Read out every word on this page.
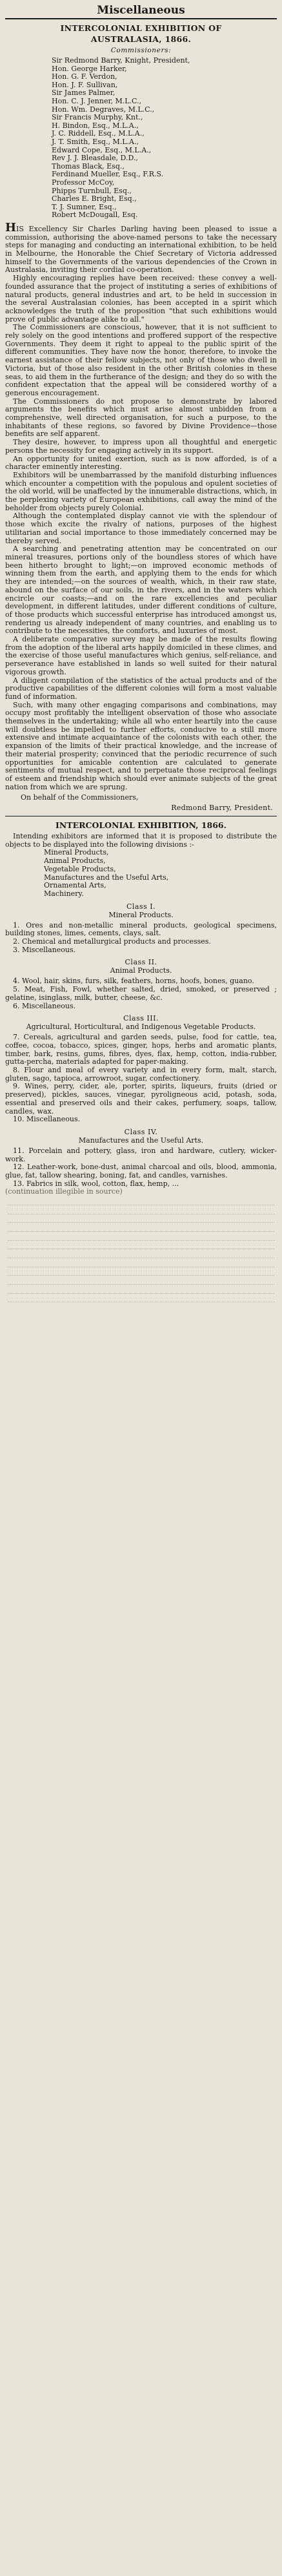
Miscellaneous
INTERCOLONIAL EXHIBITION OF
AUSTRALASIA, 1866.
Commissioners:
Sir Redmond Barry, Knight, President,
Hon. George Harker,
Hon. G. F. Verdon,
Hon. J. F. Sullivan,
Sir James Palmer,
Hon. C. J. Jenner, M.L.C.,
Hon. Wm. Degraves, M.L.C.,
Sir Francis Murphy, Knt.,
H. Bindon, Esq., M.L.A.,
J. C. Riddell, Esq., M.L.A.,
J. T. Smith, Esq., M.L.A.,
Edward Cope, Esq., M.L.A.,
Rev J. J. Bleasdale, D.D.,
Thomas Black, Esq.,
Ferdinand Mueller, Esq., F.R.S.
Professor McCoy,
Phipps Turnbull, Esq.,
Charles E. Bright, Esq.,
T. J. Sumner, Esq.,
Robert McDougall, Esq.

HIS Excellency Sir Charles Darling having been pleased to issue a commission, authorising the above-named persons to take the necessary steps for managing and conducting an international exhibition, to be held in Melbourne, the Honorable the Chief Secretary of Victoria addressed himself to the Governments of the various dependencies of the Crown in Australasia, inviting their cordial co-operation.

Highly encouraging replies have been received: these convey a well-founded assurance that the project of instituting a series of exhibitions of natural products, general industries and art, to be held in succession in the several Australasian colonies, has been accepted in a spirit which acknowledges the truth of the proposition "that such exhibitions would prove of public advantage alike to all."

The Commissioners are conscious, however, that it is not sufficient to rely solely on the good intentions and proffered support of the respective Governments. They deem it right to appeal to the public spirit of the different communities. They have now the honor, therefore, to invoke the earnest assistance of their fellow subjects, not only of those who dwell in Victoria, but of those also resident in the other British colonies in these seas, to aid them in the furtherance of the design; and they do so with the confident expectation that the appeal will be considered worthy of a generous encouragement.

The Commissioners do not propose to demonstrate by labored arguments the benefits which must arise almost unbidden from a comprehensive, well directed organisation, for such a purpose, to the inhabitants of these regions, so favored by Divine Providence—those benefits are self apparent.

They desire, however, to impress upon all thoughtful and energetic persons the necessity for engaging actively in its support.

An opportunity for united exertion, such as is now afforded, is of a character eminently interesting.

Exhibitors will be unembarrassed by the manifold disturbing influences which encounter a competition with the populous and opulent societies of the old world, will be unaffected by the innumerable distractions, which, in the perplexing variety of European exhibitions, call away the mind of the beholder from objects purely Colonial.

Although the contemplated display cannot vie with the splendour of those which excite the rivalry of nations, purposes of the highest utilitarian and social importance to those immediately concerned may be thereby served.

A searching and penetrating attention may be concentrated on our mineral treasures, portions only of the boundless stores of which have been hitherto brought to light;—on improved economic methods of winning them from the earth, and applying them to the ends for which they are intended;—on the sources of wealth, which, in their raw state, abound on the surface of our soils, in the rivers, and in the waters which encircle our coasts;—and on the rare excellencies and peculiar development, in different latitudes, under different conditions of culture, of those products which successful enterprise has introduced amongst us, rendering us already independent of many countries, and enabling us to contribute to the necessities, the comforts, and luxuries of most.

A deliberate comparative survey may be made of the results flowing from the adoption of the liberal arts happily domiciled in these climes, and the exercise of those useful manufactures which genius, self-reliance, and perseverance have established in lands so well suited for their natural vigorous growth.

A diligent compilation of the statistics of the actual products and of the productive capabilities of the different colonies will form a most valuable fund of information.

Such, with many other engaging comparisons and combinations, may occupy most profitably the intelligent observation of those who associate themselves in the undertaking; while all who enter heartily into the cause will doubtless be impelled to further efforts, conducive to a still more extensive and intimate acquaintance of the colonists with each other, the expansion of the limits of their practical knowledge, and the increase of their material prosperity; convinced that the periodic recurrence of such opportunities for amicable contention are calculated to generate sentiments of mutual respect, and to perpetuate those reciprocal feelings of esteem and friendship which should ever animate subjects of the great nation from which we are sprung.

On behalf of the Commissioners,
Redmond Barry, President.
INTERCOLONIAL EXHIBITION, 1866.

Intending exhibitors are informed that it is proposed to distribute the objects to be displayed into the following divisions :-

Mineral Products,
Animal Products,
Vegetable Products,
Manufactures and the Useful Arts,
Ornamental Arts,
Machinery.
Class I.
Mineral Products.

1. Ores and non-metallic mineral products, geological specimens, building stones, limes, cements, clays, salt.

2. Chemical and metallurgical products and processes.

3. Miscellaneous.

Class II.
Animal Products.

4. Wool, hair, skins, furs, silk, feathers, horns, hoofs, bones, guano.

5. Meat, Fish, Fowl, whether salted, dried, smoked, or preserved ; gelatine, isinglass, milk, butter, cheese, &c.

6. Miscellaneous.

Class III.
Agricultural, Horticultural, and Indigenous Vegetable Products.

7. Cereals, agricultural and garden seeds, pulse, food for cattle, tea, coffee, cocoa, tobacco, spices, ginger, hops, herbs and aromatic plants, timber, bark, resins, gums, fibres, dyes, flax, hemp, cotton, india-rubber, gutta-percha, materials adapted for paper-making.

8. Flour and meal of every variety and in every form, malt, starch, gluten, sago, tapioca, arrowroot, sugar, confectionery.

9. Wines, perry, cider, ale, porter, spirits, liqueurs, fruits (dried or preserved), pickles, sauces, vinegar, pyroligneous acid, potash, soda, essential and preserved oils and their cakes, perfumery, soaps, tallow, candles, wax.

10. Miscellaneous.

Class IV.
Manufactures and the Useful Arts.

11. Porcelain and pottery, glass, iron and hardware, cutlery, wicker-work.

12. Leather-work, bone-dust, animal charcoal and oils, blood, ammonia, glue, fat, tallow shearing, boning, fat, and candles, varnishes.

13. Fabrics in silk, wool, cotton, flax, hemp, ...

(continuation illegible in source)
